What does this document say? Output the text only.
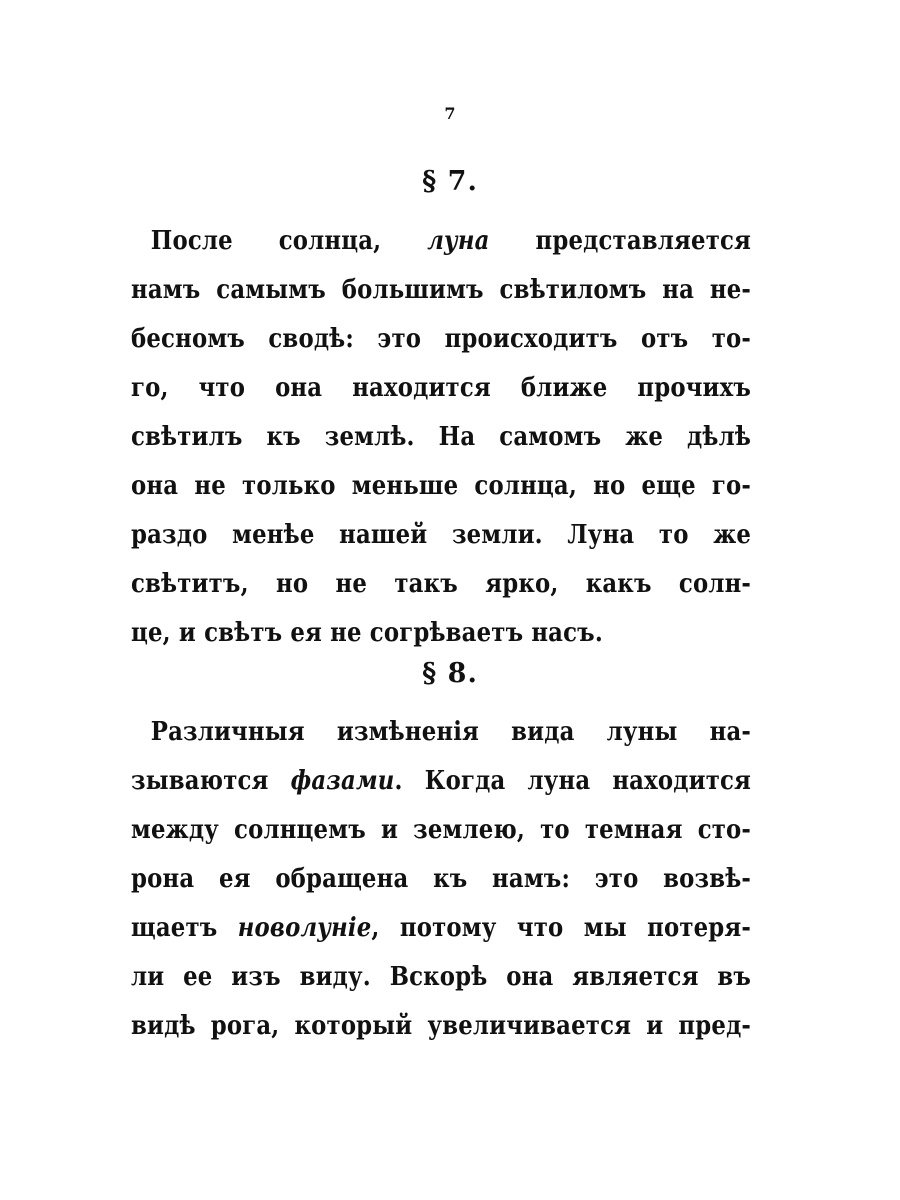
7
§ 7.
После солнца, луна представляется
намъ самымъ большимъ свѣтиломъ на не-
бесномъ сводѣ: это происходитъ отъ то-
го, что она находится ближе прочихъ
свѣтилъ къ землѣ. На самомъ же дѣлѣ
она не только меньше солнца, но еще го-
раздо менѣе нашей земли. Луна то же
свѣтитъ, но не такъ ярко, какъ солн-
це, и свѣтъ ея не согрѣваетъ насъ.
§ 8.
Различныя измѣненія вида луны на-
зываются фазами. Когда луна находится
между солнцемъ и землею, то темная сто-
рона ея обращена къ намъ: это возвѣ-
щаетъ новолуніе, потому что мы потеря-
ли ее изъ виду. Вскорѣ она является въ
видѣ рога, который увеличивается и пред-
